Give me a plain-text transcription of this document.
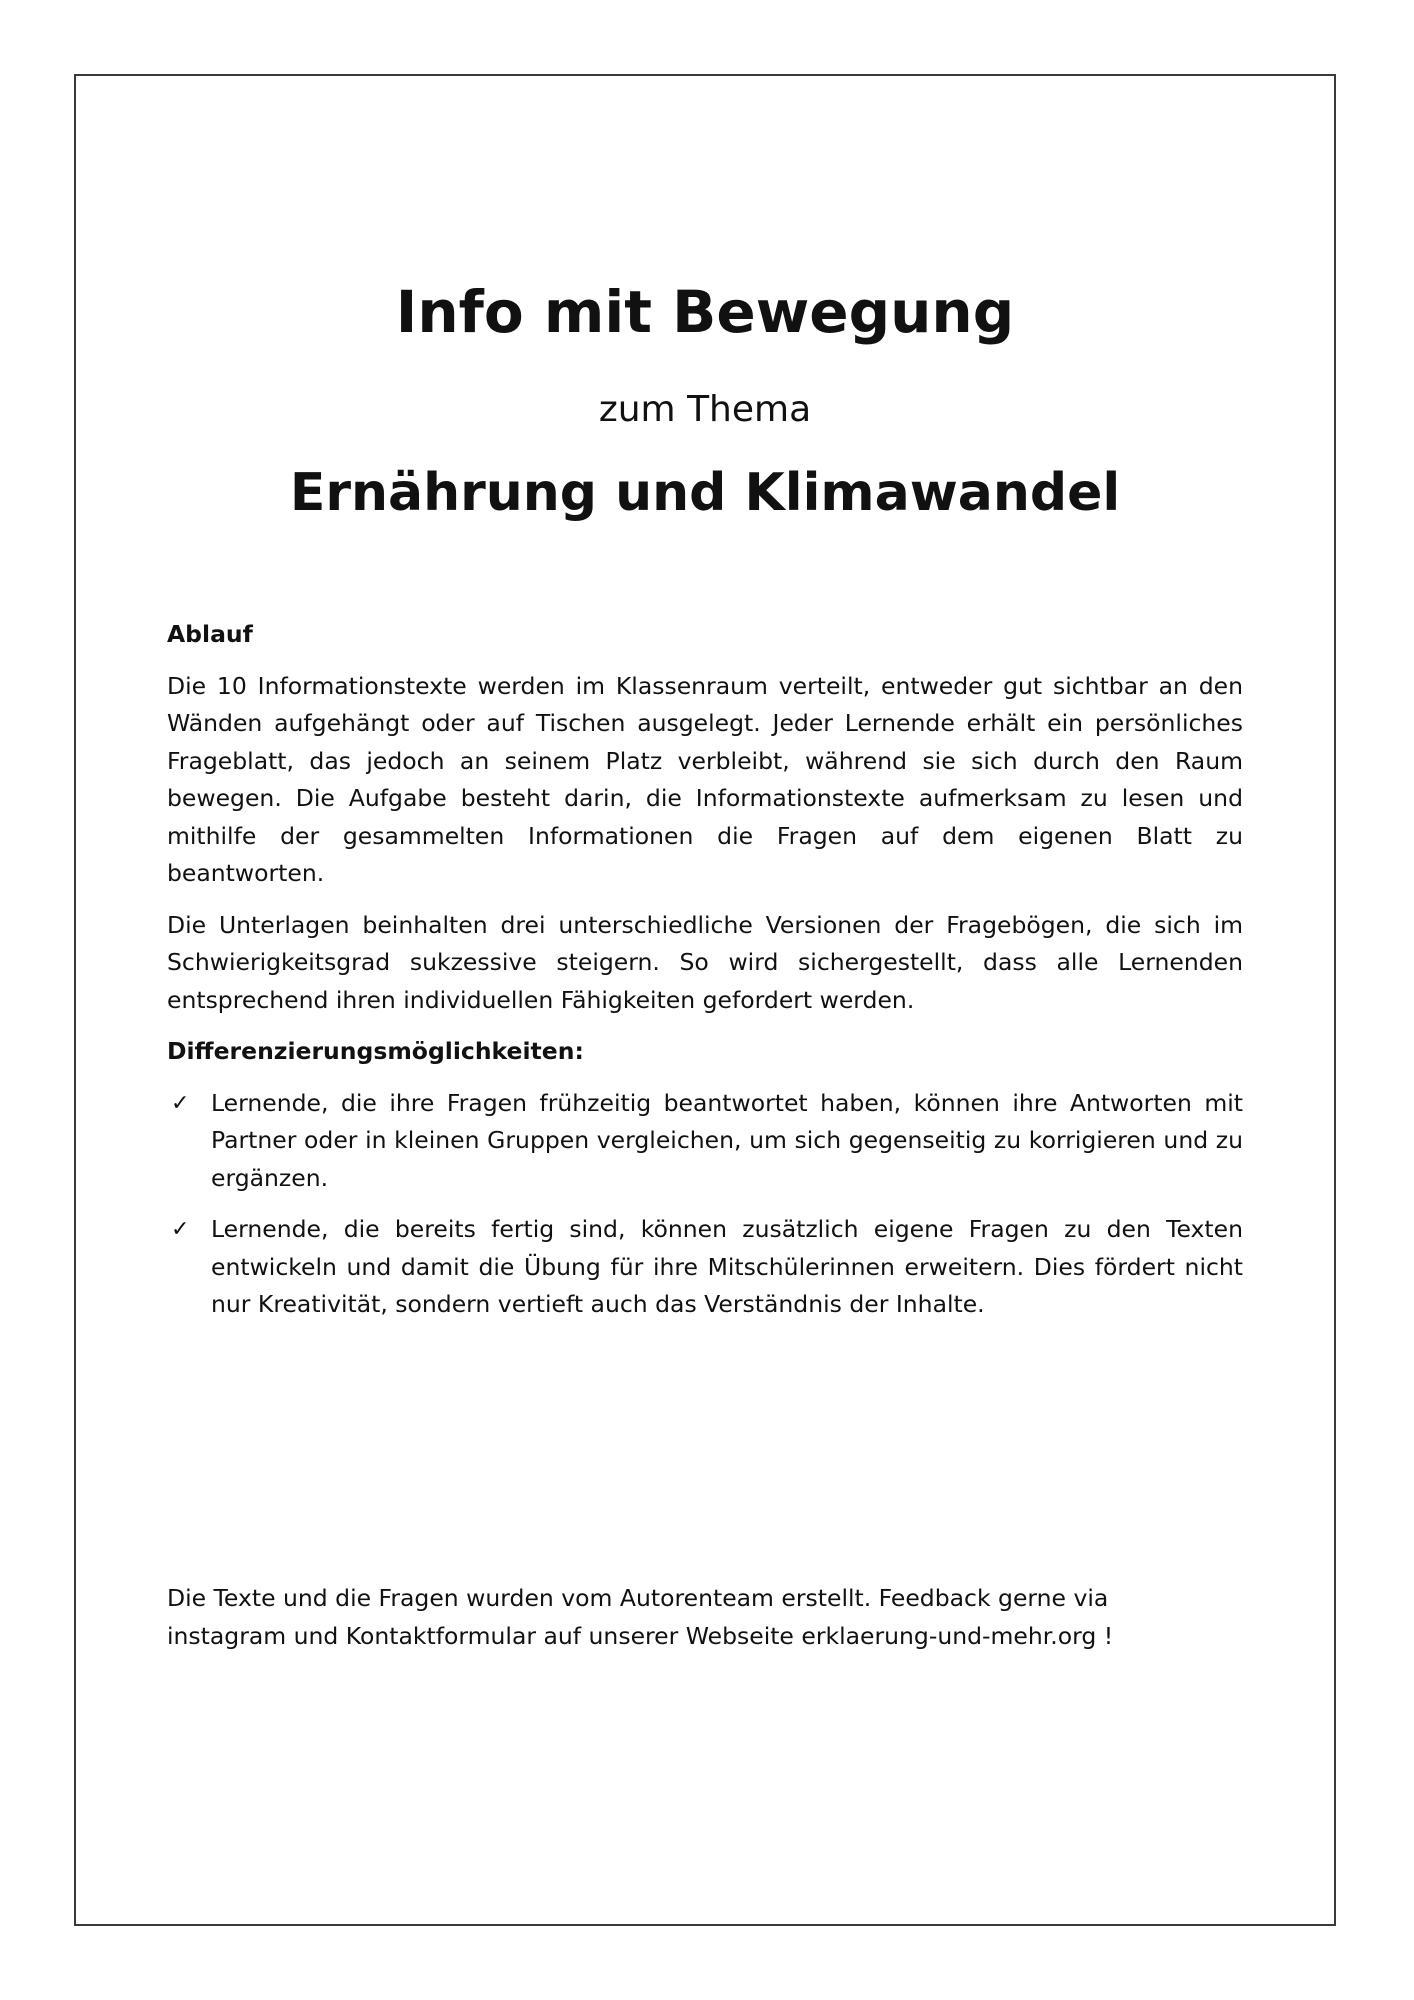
Info mit Bewegung
zum Thema
Ernährung und Klimawandel
Ablauf

Die 10 Informationstexte werden im Klassenraum verteilt, entweder gut sichtbar an den Wänden aufgehängt oder auf Tischen ausgelegt. Jeder Lernende erhält ein persönliches Frageblatt, das jedoch an seinem Platz verbleibt, während sie sich durch den Raum bewegen. Die Aufgabe besteht darin, die Informationstexte aufmerksam zu lesen und mithilfe der gesammelten Informationen die Fragen auf dem eigenen Blatt zu beantworten.

Die Unterlagen beinhalten drei unterschiedliche Versionen der Fragebögen, die sich im Schwierigkeitsgrad sukzessive steigern. So wird sichergestellt, dass alle Lernenden entsprechend ihren individuellen Fähigkeiten gefordert werden.

Differenzierungsmöglichkeiten:
✓ Lernende, die ihre Fragen frühzeitig beantwortet haben, können ihre Antworten mit Partner oder in kleinen Gruppen vergleichen, um sich gegenseitig zu korrigieren und zu ergänzen.
✓ Lernende, die bereits fertig sind, können zusätzlich eigene Fragen zu den Texten entwickeln und damit die Übung für ihre Mitschülerinnen erweitern. Dies fördert nicht nur Kreativität, sondern vertieft auch das Verständnis der Inhalte.

Die Texte und die Fragen wurden vom Autorenteam erstellt. Feedback gerne via
instagram und Kontaktformular auf unserer Webseite erklaerung-und-mehr.org !
